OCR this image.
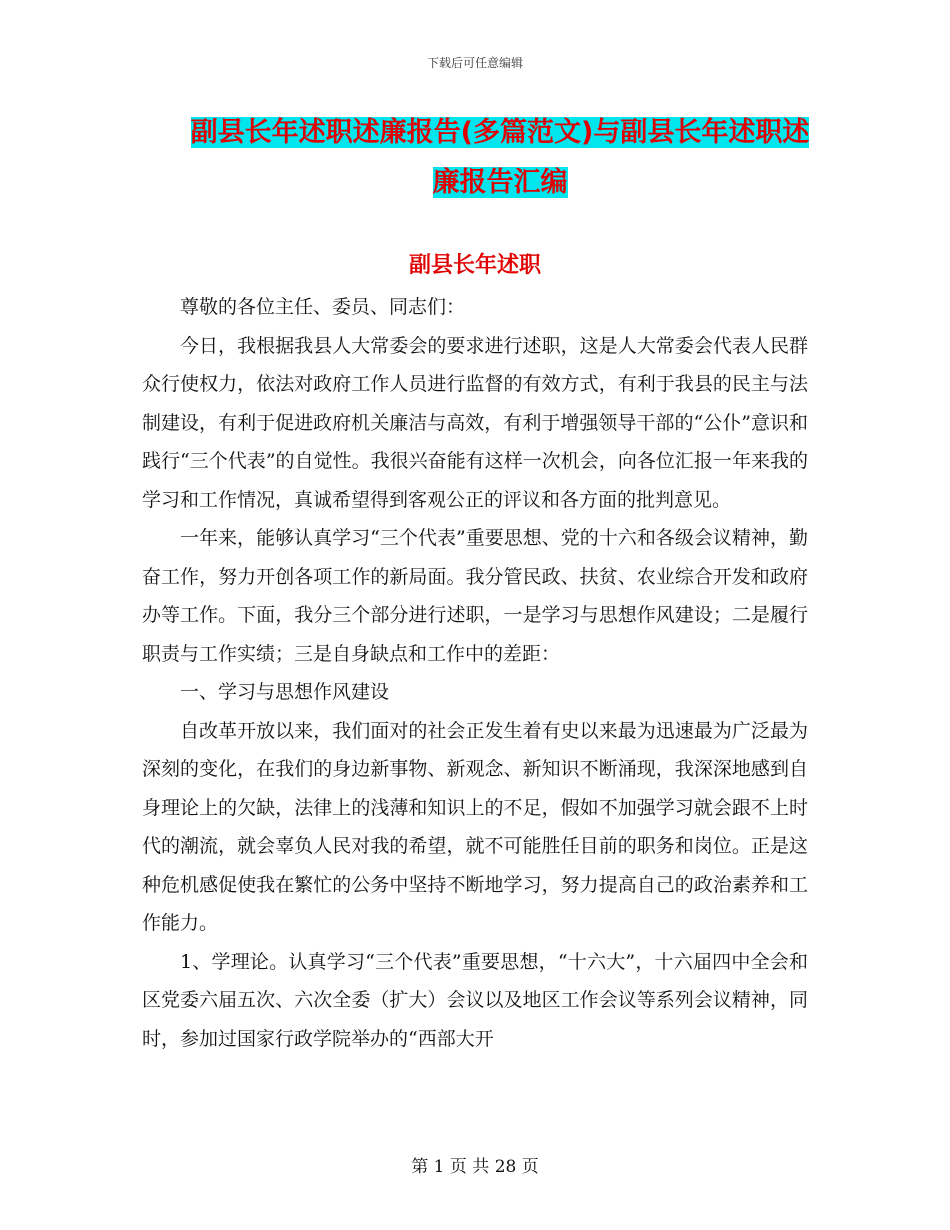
下载后可任意编辑
副县长年述职述廉报告(多篇范文)与副县长年述职述廉报告汇编
副县长年述职

尊敬的各位主任、委员、同志们：

今日，我根据我县人大常委会的要求进行述职，这是人大常委会代表人民群众行使权力，依法对政府工作人员进行监督的有效方式，有利于我县的民主与法制建设，有利于促进政府机关廉洁与高效，有利于增强领导干部的“公仆”意识和践行“三个代表”的自觉性。我很兴奋能有这样一次机会，向各位汇报一年来我的学习和工作情况，真诚希望得到客观公正的评议和各方面的批判意见。

一年来，能够认真学习“三个代表”重要思想、党的十六和各级会议精神，勤奋工作，努力开创各项工作的新局面。我分管民政、扶贫、农业综合开发和政府办等工作。下面，我分三个部分进行述职，一是学习与思想作风建设；二是履行职责与工作实绩；三是自身缺点和工作中的差距：

一、学习与思想作风建设

自改革开放以来，我们面对的社会正发生着有史以来最为迅速最为广泛最为深刻的变化，在我们的身边新事物、新观念、新知识不断涌现，我深深地感到自身理论上的欠缺，法律上的浅薄和知识上的不足，假如不加强学习就会跟不上时代的潮流，就会辜负人民对我的希望，就不可能胜任目前的职务和岗位。正是这种危机感促使我在繁忙的公务中坚持不断地学习，努力提高自己的政治素养和工作能力。

1、学理论。认真学习“三个代表”重要思想，“十六大”，十六届四中全会和区党委六届五次、六次全委（扩大）会议以及地区工作会议等系列会议精神，同时，参加过国家行政学院举办的“西部大开

第 1 页 共 28 页
